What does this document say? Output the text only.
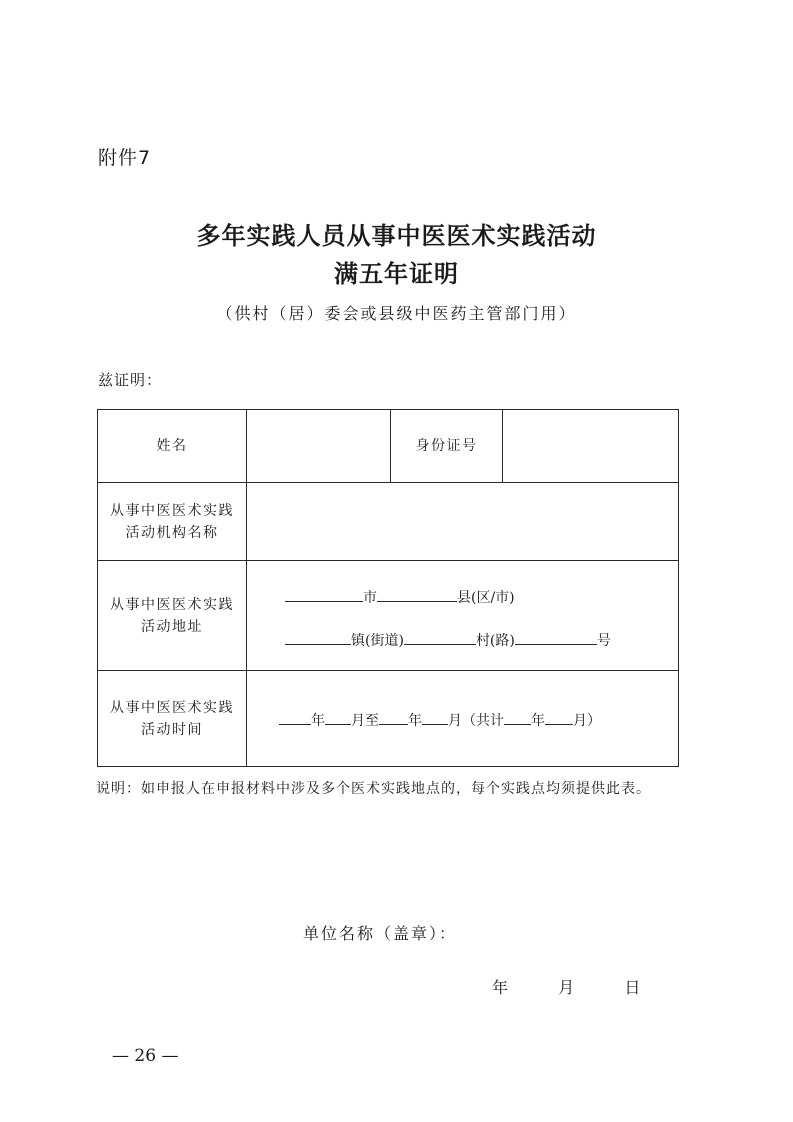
附件7
多年实践人员从事中医医术实践活动
满五年证明
（供村（居）委会或县级中医药主管部门用）
兹证明：
姓名	身份证号
从事中医医术实践
活动机构名称
从事中医医术实践
活动地址
市	县(区/市)
镇(街道)	村(路)	号
从事中医医术实践
活动时间
年 月至 年 月（共计 年 月）
说明：如申报人在申报材料中涉及多个医术实践地点的，每个实践点均须提供此表。
单位名称（盖章）：
年	月	日
— 26 —
